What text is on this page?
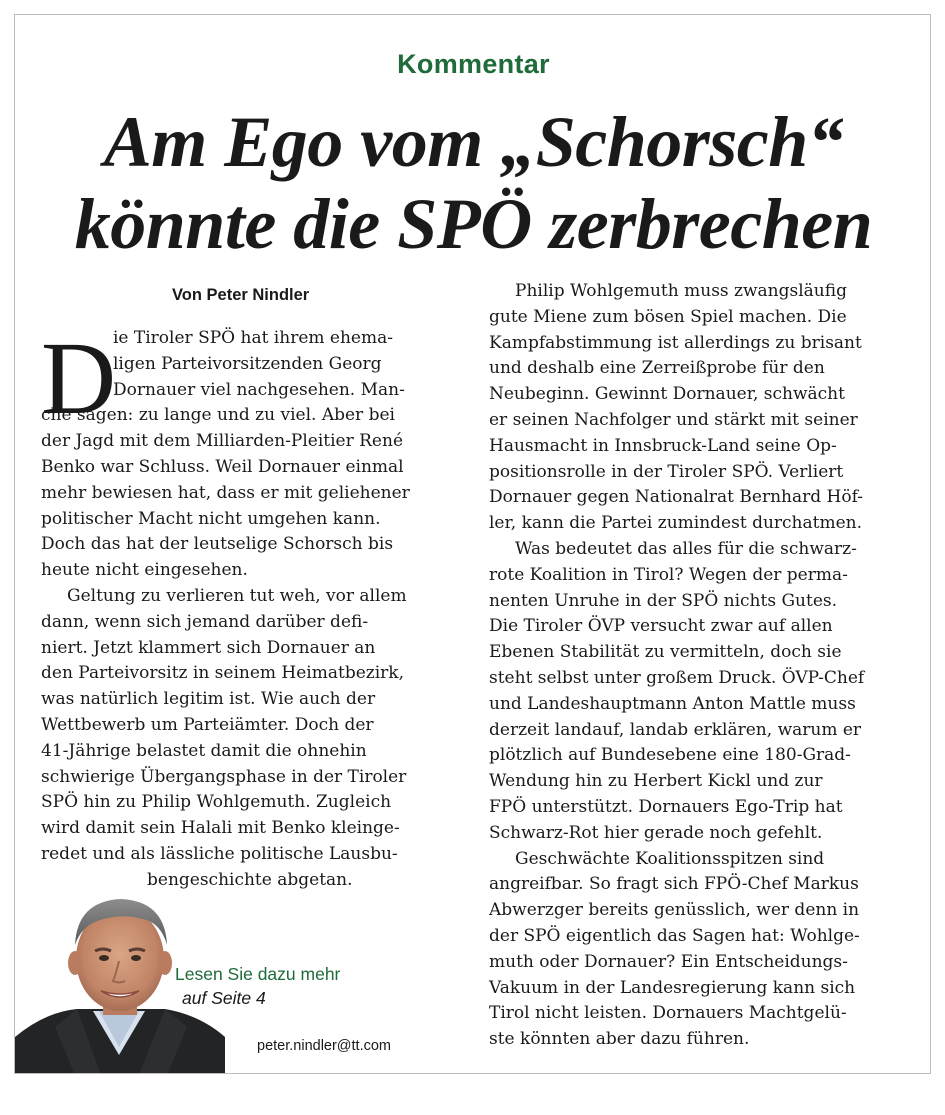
Kommentar
Am Ego vom „Schorsch“
könnte die SPÖ zerbrechen
Von Peter Nindler
D
ie Tiroler SPÖ hat ihrem ehema-
ligen Parteivorsitzenden Georg
Dornauer viel nachgesehen. Man-
che sagen: zu lange und zu viel. Aber bei
der Jagd mit dem Milliarden-Pleitier René
Benko war Schluss. Weil Dornauer einmal
mehr bewiesen hat, dass er mit geliehener
politischer Macht nicht umgehen kann.
Doch das hat der leutselige Schorsch bis
heute nicht eingesehen.
Geltung zu verlieren tut weh, vor allem
dann, wenn sich jemand darüber defi-
niert. Jetzt klammert sich Dornauer an
den Parteivorsitz in seinem Heimatbezirk,
was natürlich legitim ist. Wie auch der
Wettbewerb um Parteiämter. Doch der
41-Jährige belastet damit die ohnehin
schwierige Übergangsphase in der Tiroler
SPÖ hin zu Philip Wohlgemuth. Zugleich
wird damit sein Halali mit Benko kleinge-
redet und als lässliche politische Lausbu-
bengeschichte abgetan.
Philip Wohlgemuth muss zwangsläufig
gute Miene zum bösen Spiel machen. Die
Kampfabstimmung ist allerdings zu brisant
und deshalb eine Zerreißprobe für den
Neubeginn. Gewinnt Dornauer, schwächt
er seinen Nachfolger und stärkt mit seiner
Hausmacht in Innsbruck-Land seine Op-
positionsrolle in der Tiroler SPÖ. Verliert
Dornauer gegen Nationalrat Bernhard Höf-
ler, kann die Partei zumindest durchatmen.
Was bedeutet das alles für die schwarz-
rote Koalition in Tirol? Wegen der perma-
nenten Unruhe in der SPÖ nichts Gutes.
Die Tiroler ÖVP versucht zwar auf allen
Ebenen Stabilität zu vermitteln, doch sie
steht selbst unter großem Druck. ÖVP-Chef
und Landeshauptmann Anton Mattle muss
derzeit landauf, landab erklären, warum er
plötzlich auf Bundesebene eine 180-Grad-
Wendung hin zu Herbert Kickl und zur
FPÖ unterstützt. Dornauers Ego-Trip hat
Schwarz-Rot hier gerade noch gefehlt.
Geschwächte Koalitionsspitzen sind
angreifbar. So fragt sich FPÖ-Chef Markus
Abwerzger bereits genüsslich, wer denn in
der SPÖ eigentlich das Sagen hat: Wohlge-
muth oder Dornauer? Ein Entscheidungs-
Vakuum in der Landesregierung kann sich
Tirol nicht leisten. Dornauers Machtgelü-
ste könnten aber dazu führen.
Lesen Sie dazu mehr
auf Seite 4
peter.nindler@tt.com
